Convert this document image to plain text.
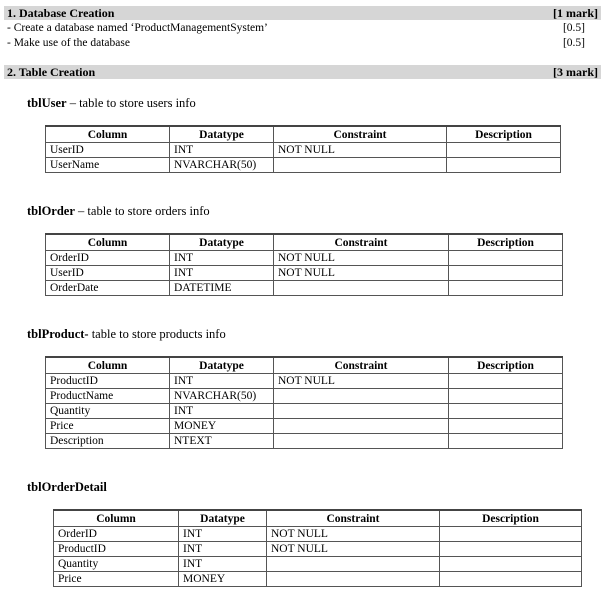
1. Database Creation	[1 mark]
- Create a database named ‘ProductManagementSystem’	[0.5]
- Make use of the database	[0.5]
2. Table Creation	[3 mark]
tblUser – table to store users info
Column	Datatype	Constraint	Description
UserID	INT	NOT NULL	
UserName	NVARCHAR(50)		
tblOrder – table to store orders info
Column	Datatype	Constraint	Description
OrderID	INT	NOT NULL	
UserID	INT	NOT NULL	
OrderDate	DATETIME		
tblProduct- table to store products info
Column	Datatype	Constraint	Description
ProductID	INT	NOT NULL	
ProductName	NVARCHAR(50)		
Quantity	INT		
Price	MONEY		
Description	NTEXT		
tblOrderDetail
Column	Datatype	Constraint	Description
OrderID	INT	NOT NULL	
ProductID	INT	NOT NULL	
Quantity	INT		
Price	MONEY		
